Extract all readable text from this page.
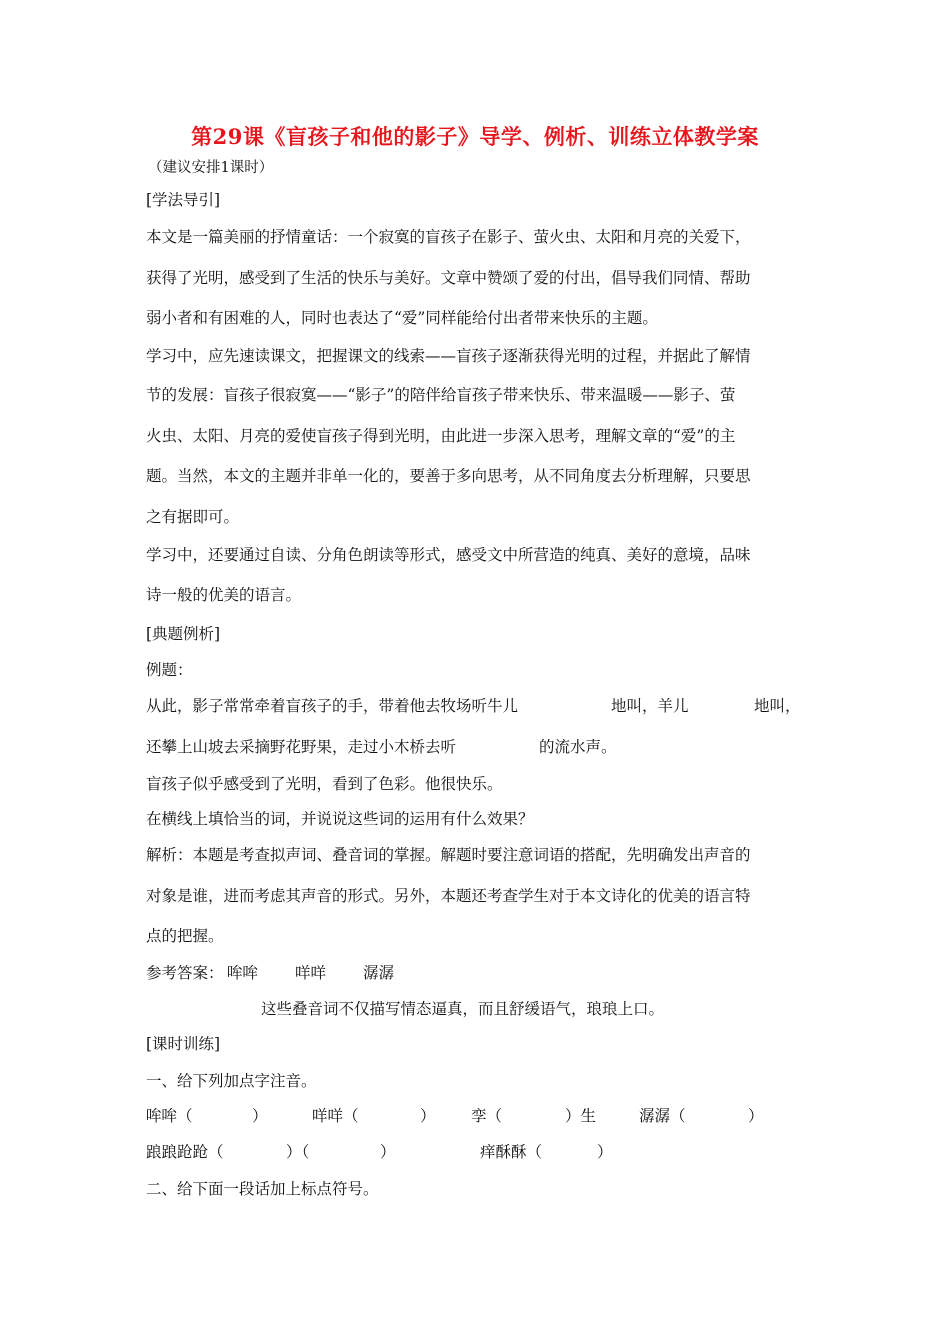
第29课《盲孩子和他的影子》导学、例析、训练立体教学案
（建议安排1课时）
[学法导引]
本文是一篇美丽的抒情童话：一个寂寞的盲孩子在影子、萤火虫、太阳和月亮的关爱下，
获得了光明，感受到了生活的快乐与美好。文章中赞颂了爱的付出，倡导我们同情、帮助
弱小者和有困难的人，同时也表达了“爱”同样能给付出者带来快乐的主题。
学习中，应先速读课文，把握课文的线索——盲孩子逐渐获得光明的过程，并据此了解情
节的发展：盲孩子很寂寞——“影子”的陪伴给盲孩子带来快乐、带来温暖——影子、萤
火虫、太阳、月亮的爱使盲孩子得到光明，由此进一步深入思考，理解文章的“爱”的主
题。当然，本文的主题并非单一化的，要善于多向思考，从不同角度去分析理解，只要思
之有据即可。
学习中，还要通过自读、分角色朗读等形式，感受文中所营造的纯真、美好的意境，品味
诗一般的优美的语言。
[典题例析]
例题：
从此，影子常常牵着盲孩子的手，带着他去牧场听牛儿	地叫，羊儿	地叫，
还攀上山坡去采摘野花野果，走过小木桥去听	的流水声。
盲孩子似乎感受到了光明，看到了色彩。他很快乐。
在横线上填恰当的词，并说说这些词的运用有什么效果？
解析：本题是考查拟声词、叠音词的掌握。解题时要注意词语的搭配，先明确发出声音的
对象是谁，进而考虑其声音的形式。另外，本题还考查学生对于本文诗化的优美的语言特
点的把握。
参考答案： 哞哞 咩咩 潺潺
这些叠音词不仅描写情态逼真，而且舒缓语气，琅琅上口。
[课时训练]
一、给下列加点字注音。
哞哞（	）	咩咩（	） 孪（	）生	潺潺（	）
踉踉跄跄（	）（	）	痒酥酥（	）
二、给下面一段话加上标点符号。
